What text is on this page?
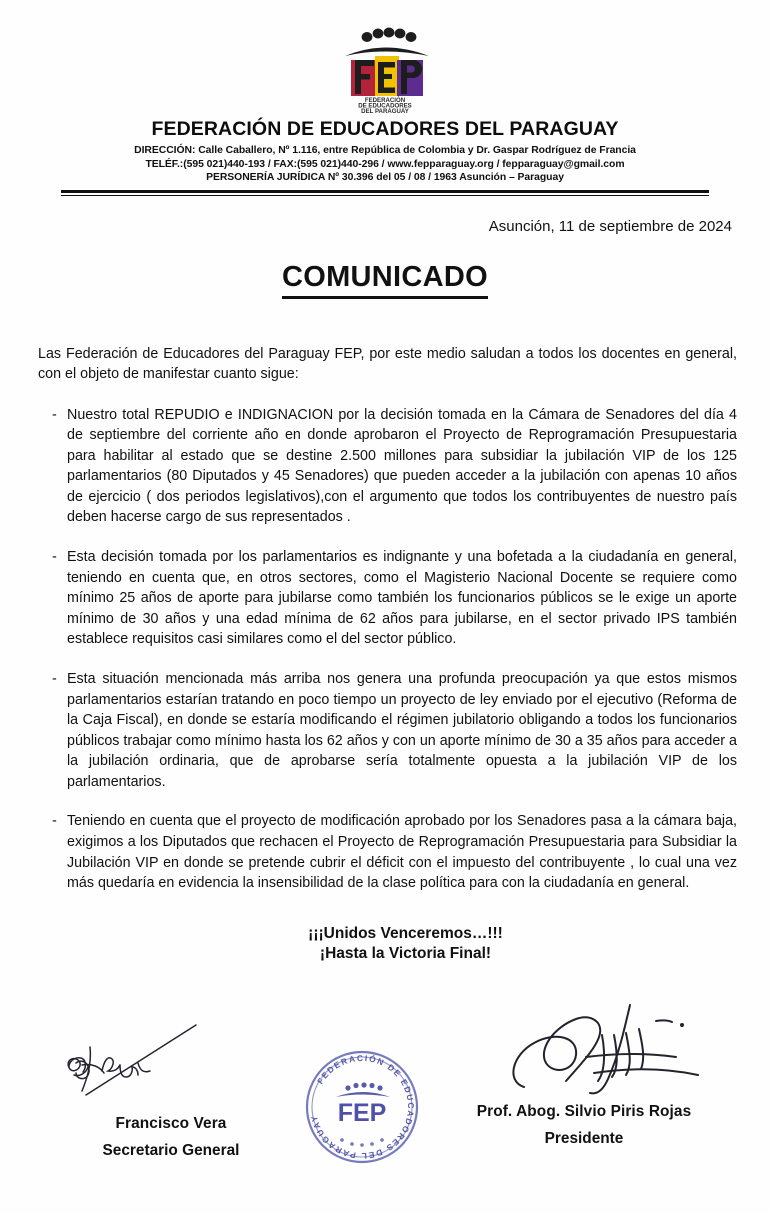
FEDERACIÓN
DE EDUCADORES
DEL PARAGUAY
FEDERACIÓN DE EDUCADORES DEL PARAGUAY
DIRECCIÓN: Calle Caballero, Nº 1.116, entre República de Colombia y Dr. Gaspar Rodríguez de Francia
TELÉF.:(595 021)440-193 / FAX:(595 021)440-296 / www.fepparaguay.org / fepparaguay@gmail.com
PERSONERÍA JURÍDICA Nº 30.396 del 05 / 08 / 1963 Asunción – Paraguay
Asunción, 11 de septiembre de 2024
COMUNICADO

Las Federación de Educadores del Paraguay FEP, por este medio saludan a todos los docentes en general, con el objeto de manifestar cuanto sigue:

- Nuestro total REPUDIO e INDIGNACION por la decisión tomada en la Cámara de Senadores del día 4 de septiembre del corriente año en donde aprobaron el Proyecto de Reprogramación Presupuestaria para habilitar al estado que se destine 2.500 millones para subsidiar la jubilación VIP de los 125 parlamentarios (80 Diputados y 45 Senadores) que pueden acceder a la jubilación con apenas 10 años de ejercicio ( dos periodos legislativos),con el argumento que todos los contribuyentes de nuestro país deben hacerse cargo de sus representados .
- Esta decisión tomada por los parlamentarios es indignante y una bofetada a la ciudadanía en general, teniendo en cuenta que, en otros sectores, como el Magisterio Nacional Docente se requiere como mínimo 25 años de aporte para jubilarse como también los funcionarios públicos se le exige un aporte mínimo de 30 años y una edad mínima de 62 años para jubilarse, en el sector privado IPS también establece requisitos casi similares como el del sector público.
- Esta situación mencionada más arriba nos genera una profunda preocupación ya que estos mismos parlamentarios estarían tratando en poco tiempo un proyecto de ley enviado por el ejecutivo (Reforma de la Caja Fiscal), en donde se estaría modificando el régimen jubilatorio obligando a todos los funcionarios públicos trabajar como mínimo hasta los 62 años y con un aporte mínimo de 30 a 35 años para acceder a la jubilación ordinaria, que de aprobarse sería totalmente opuesta a la jubilación VIP de los parlamentarios.
- Teniendo en cuenta que el proyecto de modificación aprobado por los Senadores pasa a la cámara baja, exigimos a los Diputados que rechacen el Proyecto de Reprogramación Presupuestaria para Subsidiar la Jubilación VIP en donde se pretende cubrir el déficit con el impuesto del contribuyente , lo cual una vez más quedaría en evidencia la insensibilidad de la clase política para con la ciudadanía en general.
¡¡¡Unidos Venceremos…!!!
¡Hasta la Victoria Final!
Francisco Vera
Secretario General
FEDERACIÓN DE EDUCADORES DEL PARAGUAY FEP	Prof. Abog. Silvio Piris Rojas
Presidente
